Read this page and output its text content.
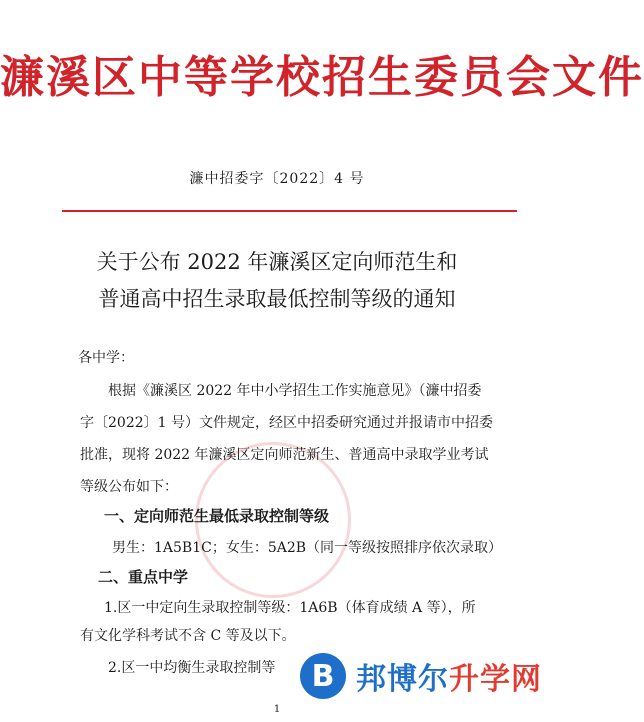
濂溪区中等学校招生委员会文件
濂中招委字〔2022〕4 号
关于公布 2022 年濂溪区定向师范生和
普通高中招生录取最低控制等级的通知
各中学：
根据《濂溪区 2022 年中小学招生工作实施意见》（濂中招委
字〔2022〕1 号）文件规定，经区中招委研究通过并报请市中招委
批准，现将 2022 年濂溪区定向师范新生、普通高中录取学业考试
等级公布如下：
一、定向师范生最低录取控制等级
男生：1A5B1C；女生：5A2B（同一等级按照排序依次录取）
二、重点中学
1.区一中定向生录取控制等级：1A6B（体育成绩 A 等），所
有文化学科考试不含 C 等及以下。
2.区一中均衡生录取控制等	B 邦博尔升学网
1
